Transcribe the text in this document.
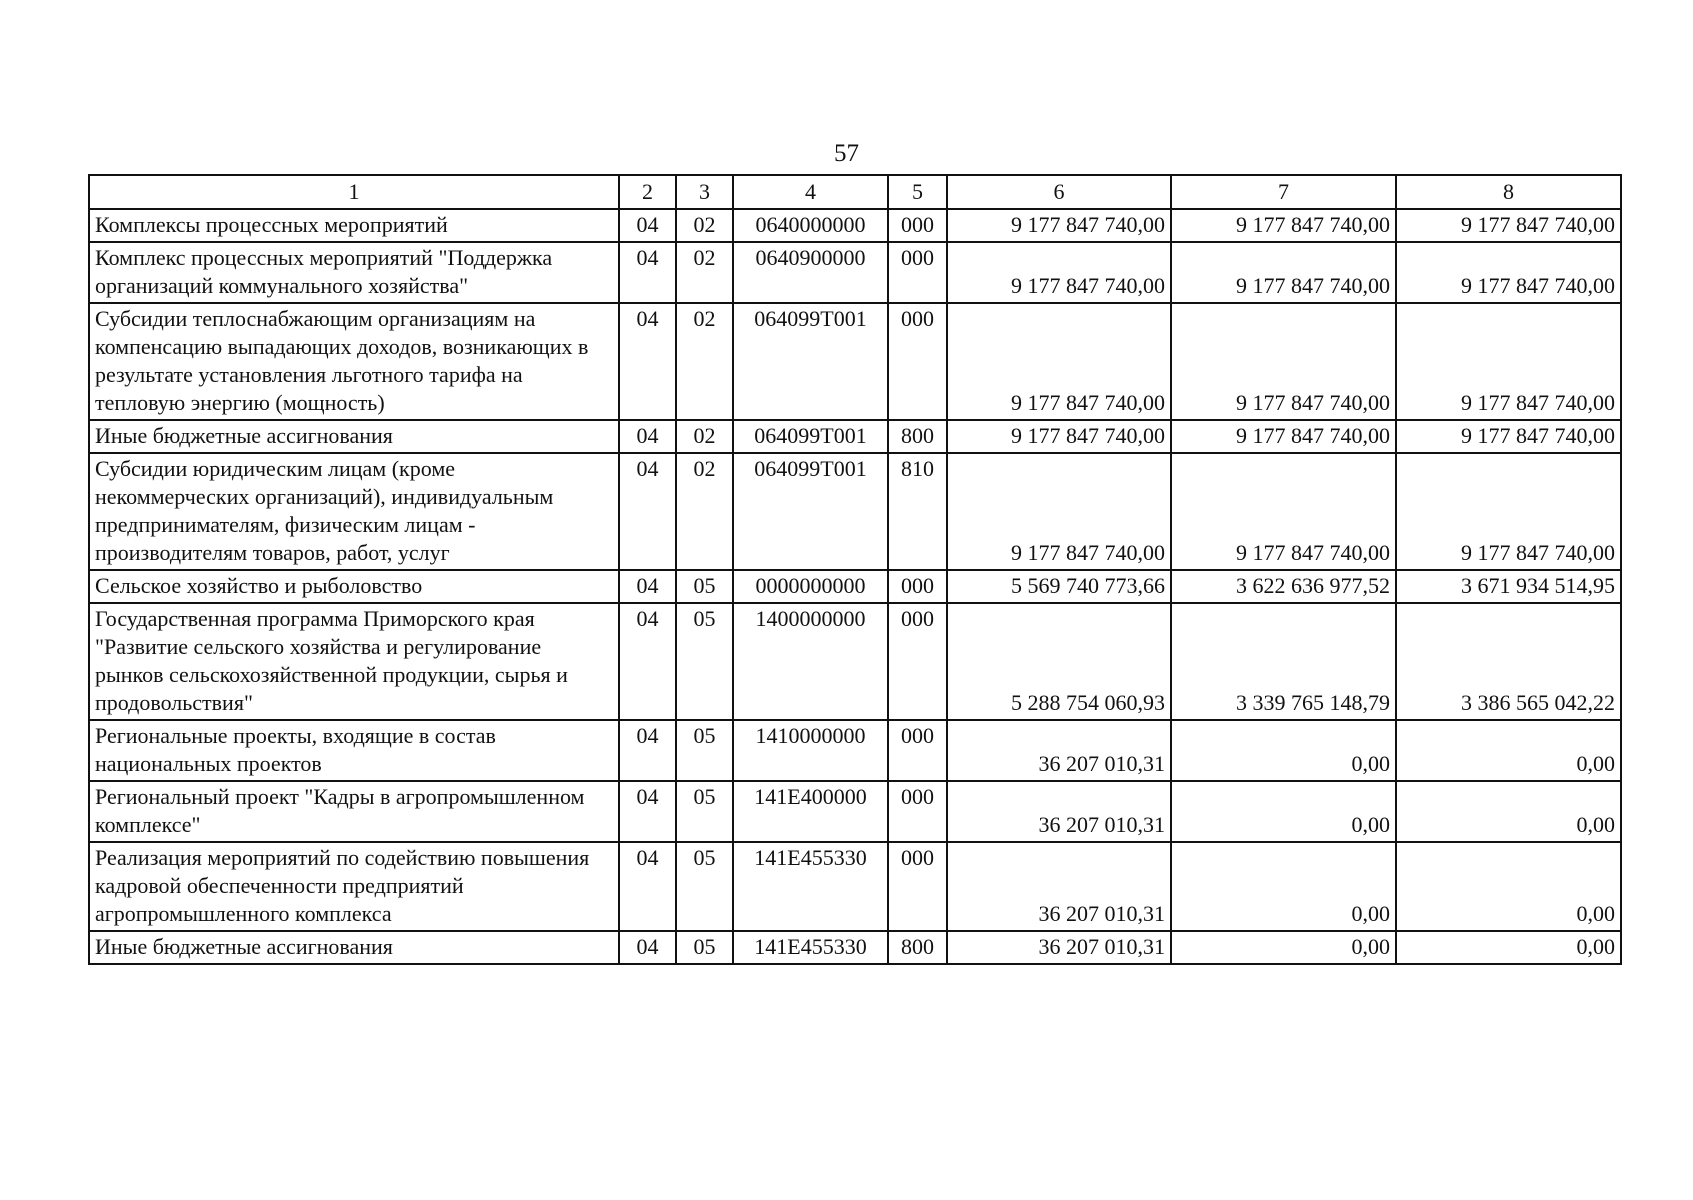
57
1	2	3	4	5	6	7	8
Комплексы процессных мероприятий	04	02	0640000000	000	9 177 847 740,00	9 177 847 740,00	9 177 847 740,00
Комплекс процессных мероприятий "Поддержка организаций коммунального хозяйства"	04	02	0640900000	000	9 177 847 740,00	9 177 847 740,00	9 177 847 740,00
Субсидии теплоснабжающим организациям на компенсацию выпадающих доходов, возникающих в результате установления льготного тарифа на тепловую энергию (мощность)	04	02	064099Т001	000	9 177 847 740,00	9 177 847 740,00	9 177 847 740,00
Иные бюджетные ассигнования	04	02	064099Т001	800	9 177 847 740,00	9 177 847 740,00	9 177 847 740,00
Субсидии юридическим лицам (кроме некоммерческих организаций), индивидуальным предпринимателям, физическим лицам - производителям товаров, работ, услуг	04	02	064099Т001	810	9 177 847 740,00	9 177 847 740,00	9 177 847 740,00
Сельское хозяйство и рыболовство	04	05	0000000000	000	5 569 740 773,66	3 622 636 977,52	3 671 934 514,95
Государственная программа Приморского края "Развитие сельского хозяйства и регулирование рынков сельскохозяйственной продукции, сырья и продовольствия"	04	05	1400000000	000	5 288 754 060,93	3 339 765 148,79	3 386 565 042,22
Региональные проекты, входящие в состав национальных проектов	04	05	1410000000	000	36 207 010,31	0,00	0,00
Региональный проект "Кадры в агропромышленном комплексе"	04	05	141Е400000	000	36 207 010,31	0,00	0,00
Реализация мероприятий по содействию повышения кадровой обеспеченности предприятий агропромышленного комплекса	04	05	141Е455330	000	36 207 010,31	0,00	0,00
Иные бюджетные ассигнования	04	05	141Е455330	800	36 207 010,31	0,00	0,00
